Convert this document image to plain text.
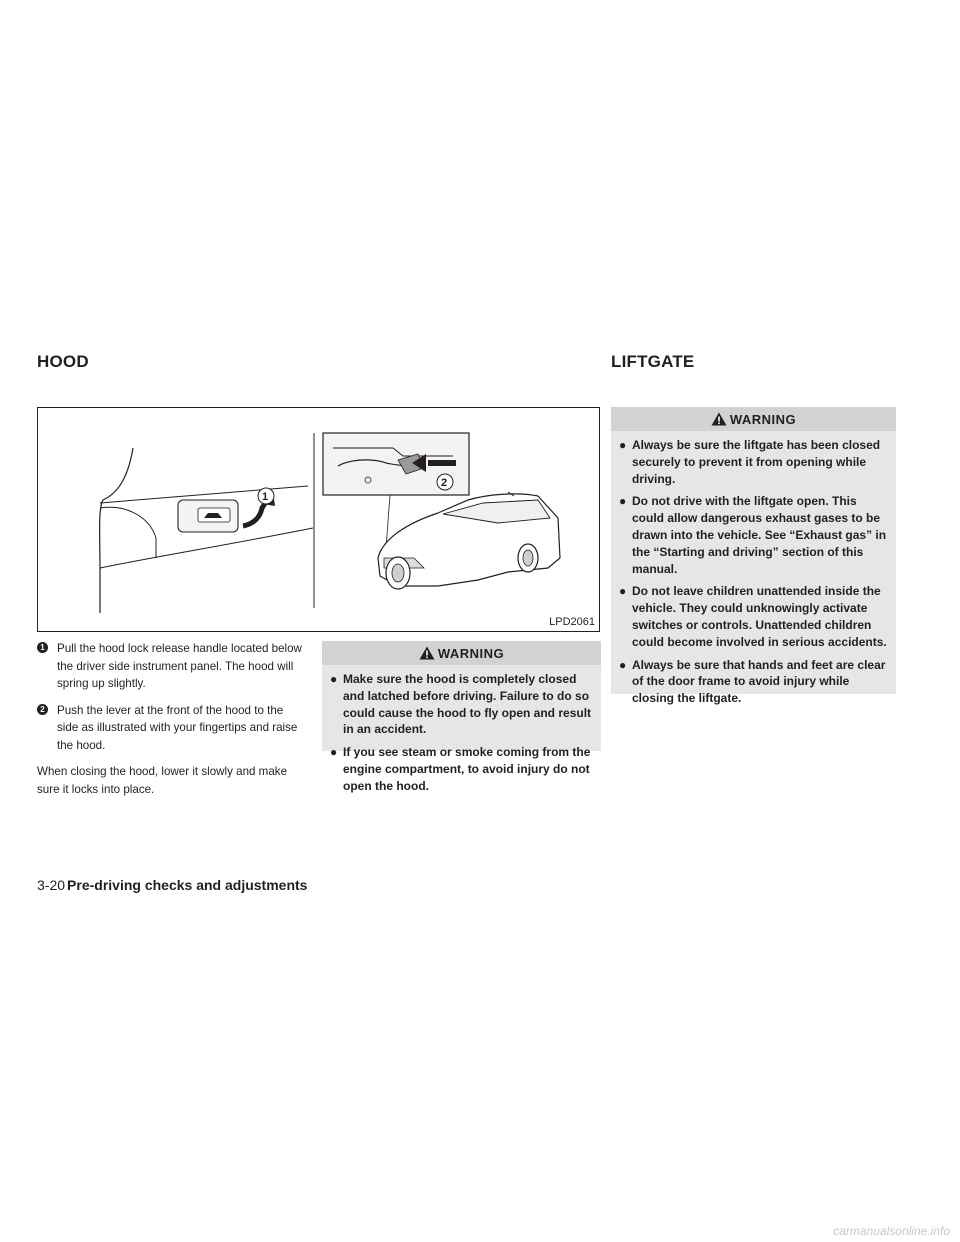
HOOD	LIFTGATE
1
2
LPD2061
1	Pull the hood lock release handle located below the driver side instrument panel. The hood will spring up slightly.
2	Push the lever at the front of the hood to the side as illustrated with your fingertips and raise the hood.
When closing the hood, lower it slowly and make sure it locks into place.
WARNING
● Make sure the hood is completely closed and latched before driving. Failure to do so could cause the hood to fly open and result in an accident.
● If you see steam or smoke coming from the engine compartment, to avoid injury do not open the hood.
WARNING
● Always be sure the liftgate has been closed securely to prevent it from opening while driving.
● Do not drive with the liftgate open. This could allow dangerous exhaust gases to be drawn into the vehicle. See “Exhaust gas” in the “Starting and driving” section of this manual.
● Do not leave children unattended inside the vehicle. They could unknowingly activate switches or controls. Unattended children could become involved in serious accidents.
● Always be sure that hands and feet are clear of the door frame to avoid injury while closing the liftgate.
3-20 Pre-driving checks and adjustments
carmanualsonline.info
